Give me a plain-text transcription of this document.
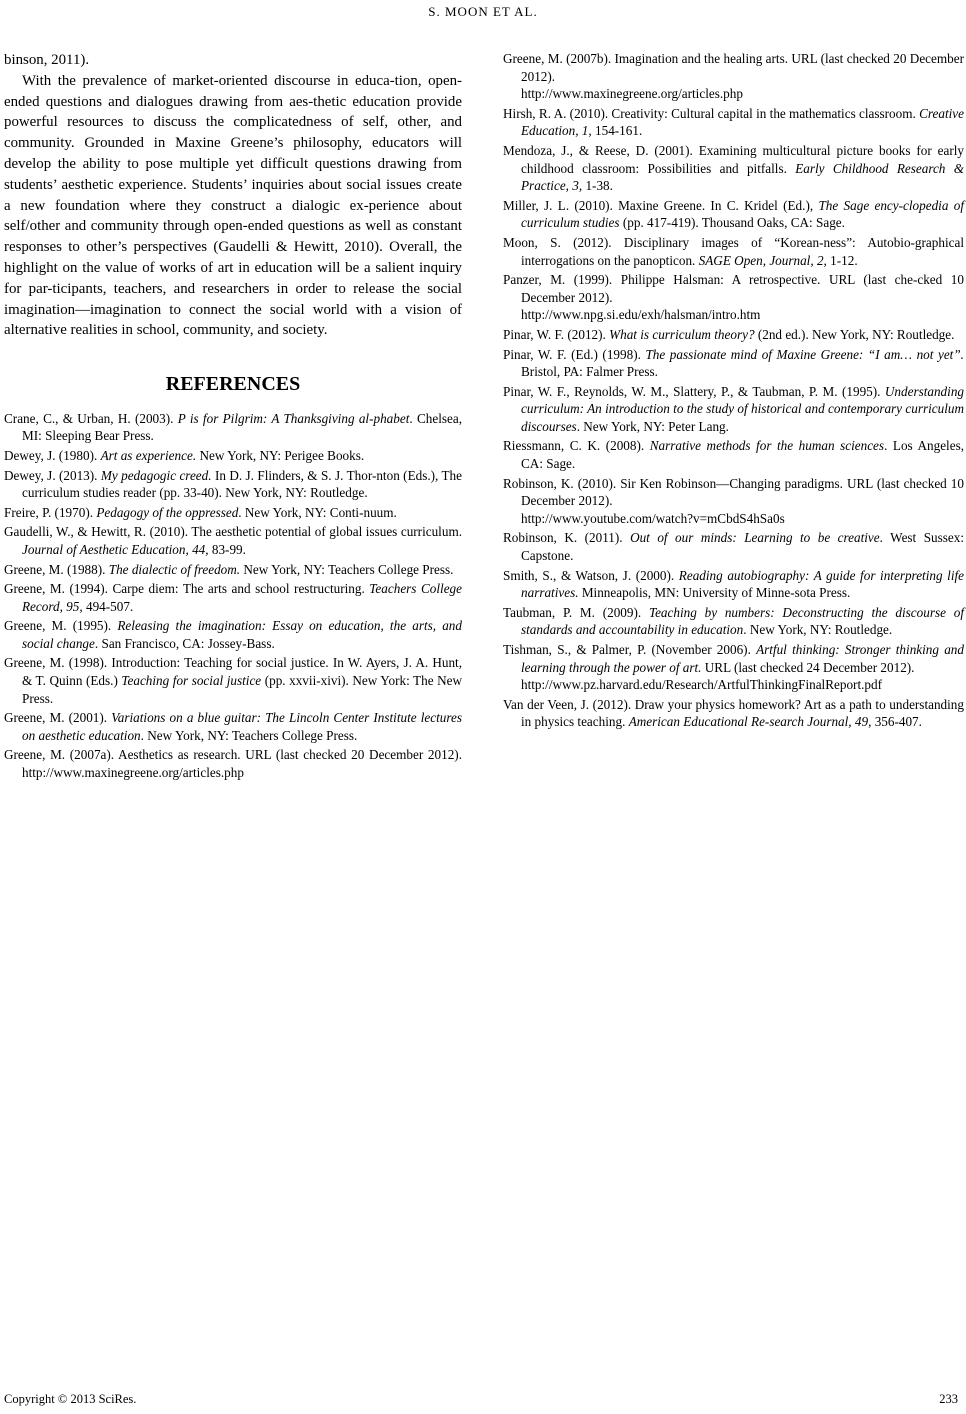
S. MOON ET AL.

binson, 2011).

With the prevalence of market-oriented discourse in educa-tion, open-ended questions and dialogues drawing from aes-thetic education provide powerful resources to discuss the complicatedness of self, other, and community. Grounded in Maxine Greene’s philosophy, educators will develop the ability to pose multiple yet difficult questions drawing from students’ aesthetic experience. Students’ inquiries about social issues create a new foundation where they construct a dialogic ex-perience about self/other and community through open-ended questions as well as constant responses to other’s perspectives (Gaudelli & Hewitt, 2010). Overall, the highlight on the value of works of art in education will be a salient inquiry for par-ticipants, teachers, and researchers in order to release the social imagination—imagination to connect the social world with a vision of alternative realities in school, community, and society.

REFERENCES

Crane, C., & Urban, H. (2003). P is for Pilgrim: A Thanksgiving al-phabet. Chelsea, MI: Sleeping Bear Press.

Dewey, J. (1980). Art as experience. New York, NY: Perigee Books.

Dewey, J. (2013). My pedagogic creed. In D. J. Flinders, & S. J. Thor-nton (Eds.), The curriculum studies reader (pp. 33-40). New York, NY: Routledge.

Freire, P. (1970). Pedagogy of the oppressed. New York, NY: Conti-nuum.

Gaudelli, W., & Hewitt, R. (2010). The aesthetic potential of global issues curriculum. Journal of Aesthetic Education, 44, 83-99.

Greene, M. (1988). The dialectic of freedom. New York, NY: Teachers College Press.

Greene, M. (1994). Carpe diem: The arts and school restructuring. Teachers College Record, 95, 494-507.

Greene, M. (1995). Releasing the imagination: Essay on education, the arts, and social change. San Francisco, CA: Jossey-Bass.

Greene, M. (1998). Introduction: Teaching for social justice. In W. Ayers, J. A. Hunt, & T. Quinn (Eds.) Teaching for social justice (pp. xxvii-xivi). New York: The New Press.

Greene, M. (2001). Variations on a blue guitar: The Lincoln Center Institute lectures on aesthetic education. New York, NY: Teachers College Press.

Greene, M. (2007a). Aesthetics as research. URL (last checked 20 December 2012). http://www.maxinegreene.org/articles.php

Greene, M. (2007b). Imagination and the healing arts. URL (last checked 20 December 2012).
http://www.maxinegreene.org/articles.php

Hirsh, R. A. (2010). Creativity: Cultural capital in the mathematics classroom. Creative Education, 1, 154-161.

Mendoza, J., & Reese, D. (2001). Examining multicultural picture books for early childhood classroom: Possibilities and pitfalls. Early Childhood Research & Practice, 3, 1-38.

Miller, J. L. (2010). Maxine Greene. In C. Kridel (Ed.), The Sage ency-clopedia of curriculum studies (pp. 417-419). Thousand Oaks, CA: Sage.

Moon, S. (2012). Disciplinary images of “Korean-ness”: Autobio-graphical interrogations on the panopticon. SAGE Open, Journal, 2, 1-12.

Panzer, M. (1999). Philippe Halsman: A retrospective. URL (last che-cked 10 December 2012).
http://www.npg.si.edu/exh/halsman/intro.htm

Pinar, W. F. (2012). What is curriculum theory? (2nd ed.). New York, NY: Routledge.

Pinar, W. F. (Ed.) (1998). The passionate mind of Maxine Greene: “I am… not yet”. Bristol, PA: Falmer Press.

Pinar, W. F., Reynolds, W. M., Slattery, P., & Taubman, P. M. (1995). Understanding curriculum: An introduction to the study of historical and contemporary curriculum discourses. New York, NY: Peter Lang.

Riessmann, C. K. (2008). Narrative methods for the human sciences. Los Angeles, CA: Sage.

Robinson, K. (2010). Sir Ken Robinson—Changing paradigms. URL (last checked 10 December 2012).
http://www.youtube.com/watch?v=mCbdS4hSa0s

Robinson, K. (2011). Out of our minds: Learning to be creative. West Sussex: Capstone.

Smith, S., & Watson, J. (2000). Reading autobiography: A guide for interpreting life narratives. Minneapolis, MN: University of Minne-sota Press.

Taubman, P. M. (2009). Teaching by numbers: Deconstructing the discourse of standards and accountability in education. New York, NY: Routledge.

Tishman, S., & Palmer, P. (November 2006). Artful thinking: Stronger thinking and learning through the power of art. URL (last checked 24 December 2012).
http://www.pz.harvard.edu/Research/ArtfulThinkingFinalReport.pdf

Van der Veen, J. (2012). Draw your physics homework? Art as a path to understanding in physics teaching. American Educational Re-search Journal, 49, 356-407.

Copyright © 2013 SciRes.	233
